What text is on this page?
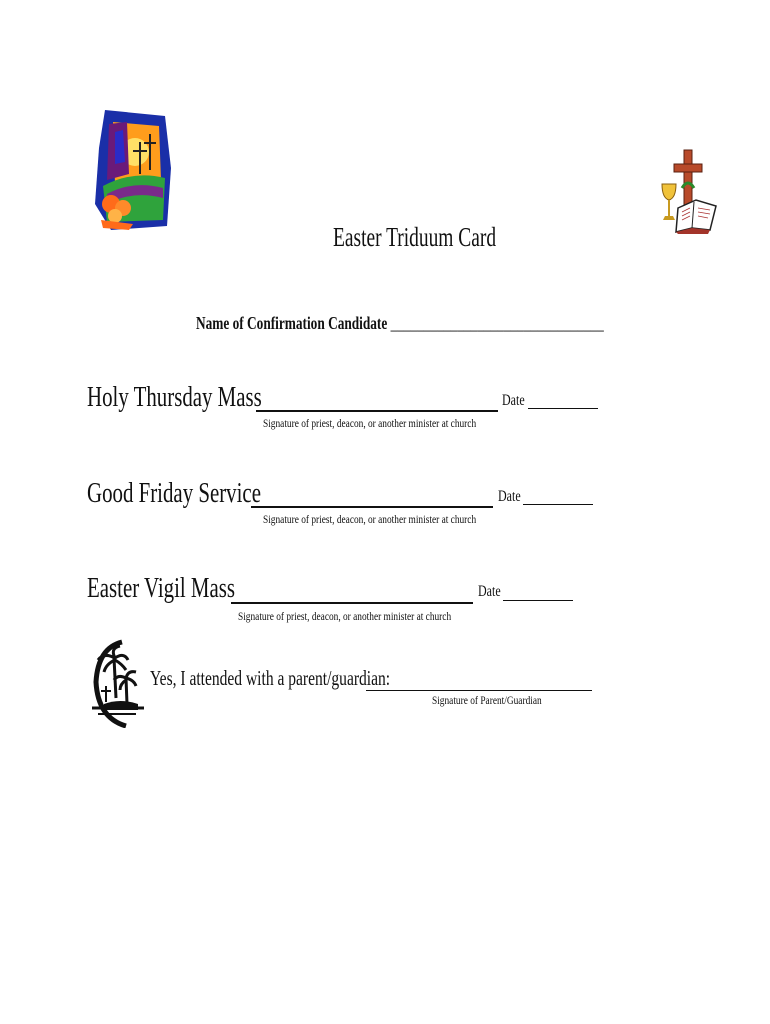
Easter Triduum Card
Name of Confirmation Candidate ________________________________
Holy Thursday Mass	Date
Signature of priest, deacon, or another minister at church
Good Friday Service	Date
Signature of priest, deacon, or another minister at church
Easter Vigil Mass	Date
Signature of priest, deacon, or another minister at church
Yes, I attended with a parent/guardian:
Signature of Parent/Guardian
